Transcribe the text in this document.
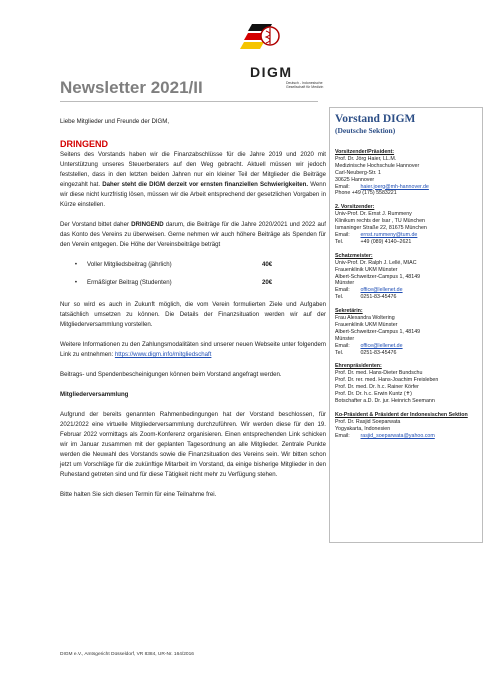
DIGM
Deutsch - Indonesische Gesellschaft für Medizin
Newsletter 2021/II

Liebe Mitglieder und Freunde der DIGM,

DRINGEND

Seitens des Vorstands haben wir die Finanzabschlüsse für die Jahre 2019 und 2020 mit Unterstützung unseres Steuerberaters auf den Weg gebracht. Aktuell müssen wir jedoch feststellen, dass in den letzten beiden Jahren nur ein kleiner Teil der Mitglieder die Beiträge eingezahlt hat. Daher steht die DIGM derzeit vor ernsten finanziellen Schwierigkeiten. Wenn wir diese nicht kurzfristig lösen, müssen wir die Arbeit entsprechend der gesetzlichen Vorgaben in Kürze einstellen.

Der Vorstand bittet daher DRINGEND darum, die Beiträge für die Jahre 2020/2021 und 2022 auf das Konto des Vereins zu überweisen. Gerne nehmen wir auch höhere Beiträge als Spenden für den Verein entgegen. Die Höhe der Vereinsbeiträge beträgt

•	Voller Mitgliedsbeitrag (jährlich)	40€
•	Ermäßigter Beitrag (Studenten)	20€

Nur so wird es auch in Zukunft möglich, die vom Verein formulierten Ziele und Aufgaben tatsächlich umsetzen zu können. Die Details der Finanzsituation werden wir auf der Mitgliederversammlung vorstellen.

Weitere Informationen zu den Zahlungsmodalitäten sind unserer neuen Webseite unter folgendem Link zu entnehmen: https://www.digm.info/mitgliedschaft

Beitrags- und Spendenbescheinigungen können beim Vorstand angefragt werden.

Mitgliederversammlung

Aufgrund der bereits genannten Rahmenbedingungen hat der Vorstand beschlossen, für 2021/2022 eine virtuelle Mitgliederversammlung durchzuführen. Wir werden diese für den 19. Februar 2022 vormittags als Zoom-Konferenz organisieren. Einen entsprechenden Link schicken wir im Januar zusammen mit der geplanten Tagesordnung an alle Mitglieder. Zentrale Punkte werden die Neuwahl des Vorstands sowie die Finanzsituation des Vereins sein. Wir bitten schon jetzt um Vorschläge für die zukünftige Mitarbeit im Vorstand, da einige bisherige Mitglieder in den Ruhestand getreten sind und für diese Tätigkeit nicht mehr zu Verfügung stehen.

Bitte halten Sie sich diesen Termin für eine Teilnahme frei.

Vorstand DIGM
(Deutsche Sektion)
Vorsitzender/Präsident:
Prof. Dr. Jörg Haier, LL.M.
Medizinische Hochschule Hannover
Carl-Neuberg-Str. 1
30625 Hannover
Email: haier.joerg@mh-hannover.de
Phone +49 (175) 5583221
2. Vorsitzender:
Univ-Prof. Dr. Ernst J. Rummeny
Klinikum rechts der Isar , TU München
Ismaninger Straße 22, 81675 München
Email: ernst.rummeny@tum.de
Tel.	+49 (089) 4140–2621
Schatzmeister:
Univ-Prof. Dr. Ralph J. Lellé, MIAC
Frauenklinik UKM Münster
Albert-Schweitzer-Campus 1, 48149
Münster
Email: office@lellenet.de
Tel.	0251-83-45476
Sekretärin:
Frau Alexandra Woltering
Frauenklinik UKM Münster
Albert-Schweitzer-Campus 1, 48149
Münster
Email: office@lellenet.de
Tel.	0251-83-45476
Ehrenpräsidenten:
Prof. Dr. med. Hans-Dieter Bundschu
Prof. Dr. rer. med. Hans-Joachim Freisleben
Prof. Dr. med. Dr. h.c. Rainer Körfer
Prof. Dr. Dr. h.c. Erwin Kuntz (✝)
Botschafter a.D. Dr. jur. Heinrich Seemann
Ko-Präsident & Präsident der Indonesischen Sektion
Prof. Dr. Rasjid Soeparwata
Yogyakarta, Indonesien
Email: rasjid_soeparwata@yahoo.com
DIGM e.V., Amtsgericht Düsseldorf, VR 8384, UR-Nr. 164/2016
